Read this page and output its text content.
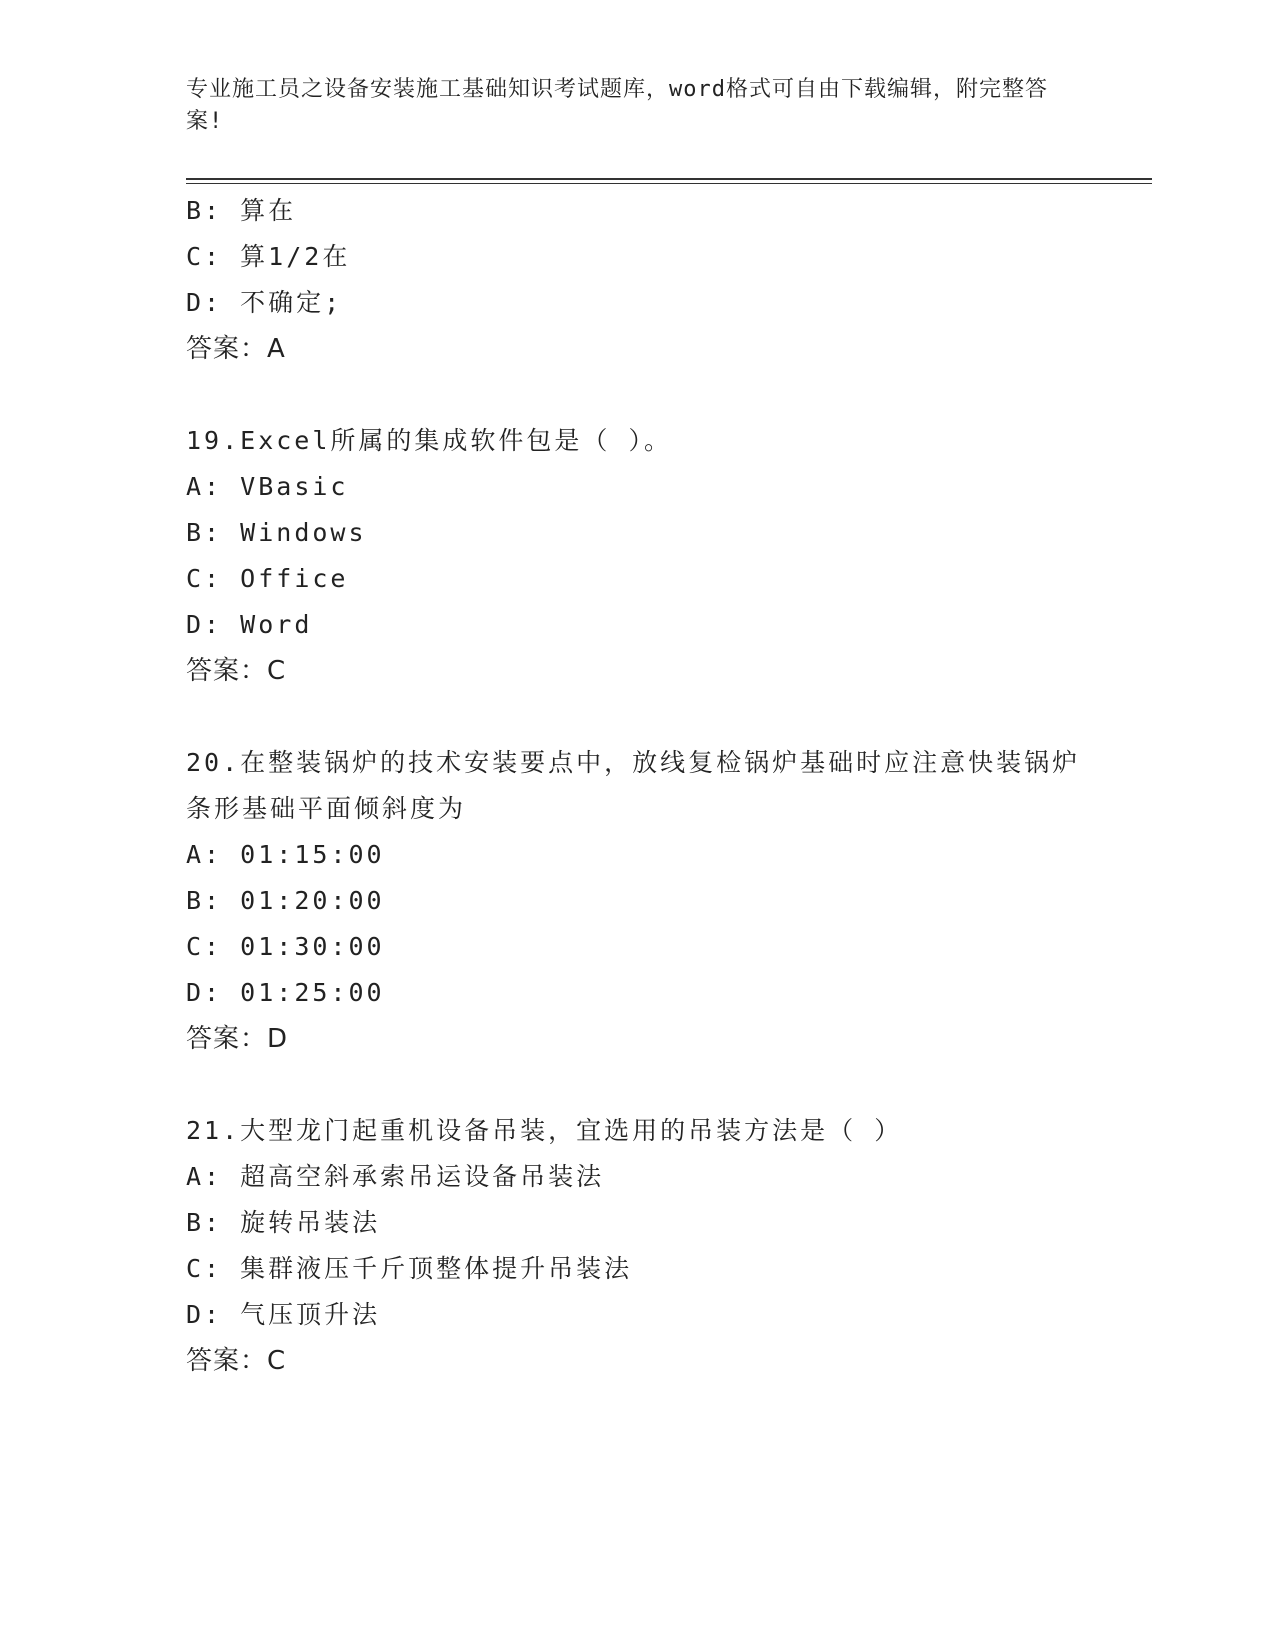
专业施工员之设备安装施工基础知识考试题库，word格式可自由下载编辑，附完整答案!
B: 算在
C: 算1/2在
D: 不确定;
答案：A
19.Excel所属的集成软件包是（ ）。
A: VBasic
B: Windows
C: Office
D: Word
答案：C
20.在整装锅炉的技术安装要点中，放线复检锅炉基础时应注意快装锅炉条形基础平面倾斜度为
A: 01:15:00
B: 01:20:00
C: 01:30:00
D: 01:25:00
答案：D
21.大型龙门起重机设备吊装，宜选用的吊装方法是（ ）
A: 超高空斜承索吊运设备吊装法
B: 旋转吊装法
C: 集群液压千斤顶整体提升吊装法
D: 气压顶升法
答案：C
